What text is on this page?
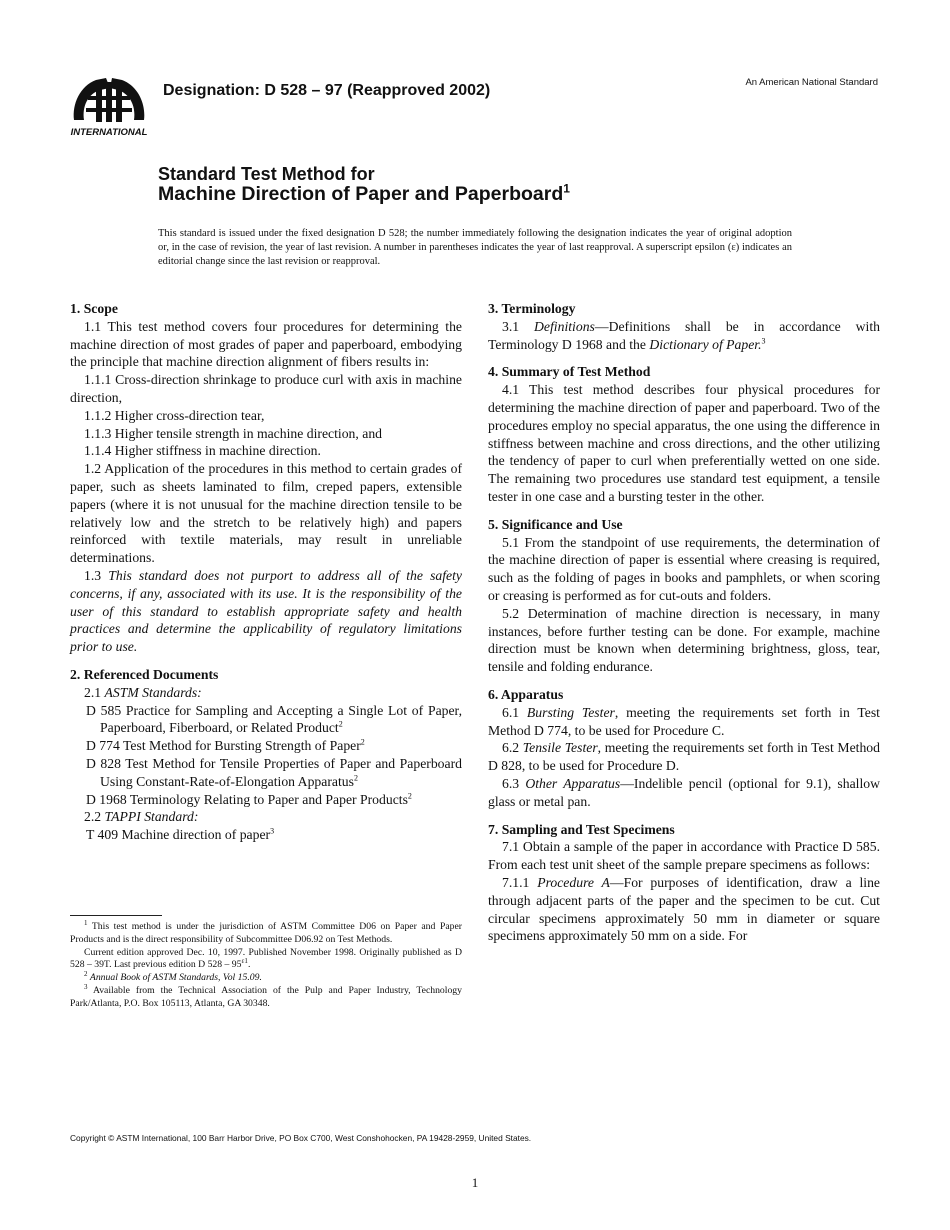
INTERNATIONAL
Designation: D 528 – 97 (Reapproved 2002)	An American National Standard
Standard Test Method for
Machine Direction of Paper and Paperboard$^1$
This standard is issued under the fixed designation D 528; the number immediately following the designation indicates the year of original adoption or, in the case of revision, the year of last revision. A number in parentheses indicates the year of last reapproval. A superscript epsilon (ε) indicates an editorial change since the last revision or reapproval.

1. Scope

1.1 This test method covers four procedures for determining the machine direction of most grades of paper and paperboard, embodying the principle that machine direction alignment of fibers results in:

1.1.1 Cross-direction shrinkage to produce curl with axis in machine direction,

1.1.2 Higher cross-direction tear,

1.1.3 Higher tensile strength in machine direction, and

1.1.4 Higher stiffness in machine direction.

1.2 Application of the procedures in this method to certain grades of paper, such as sheets laminated to film, creped papers, extensible papers (where it is not unusual for the machine direction tensile to be relatively low and the stretch to be relatively high) and papers reinforced with textile materials, may result in unreliable determinations.

1.3 This standard does not purport to address all of the safety concerns, if any, associated with its use. It is the responsibility of the user of this standard to establish appropriate safety and health practices and determine the applicability of regulatory limitations prior to use.

2. Referenced Documents

2.1 ASTM Standards:

D 585 Practice for Sampling and Accepting a Single Lot of Paper, Paperboard, Fiberboard, or Related Product$^2$

D 774 Test Method for Bursting Strength of Paper$^2$

D 828 Test Method for Tensile Properties of Paper and Paperboard Using Constant-Rate-of-Elongation Apparatus$^2$

D 1968 Terminology Relating to Paper and Paper Products$^2$

2.2 TAPPI Standard:

T 409 Machine direction of paper$^3$

$^1$ This test method is under the jurisdiction of ASTM Committee D06 on Paper and Paper Products and is the direct responsibility of Subcommittee D06.92 on Test Methods.

Current edition approved Dec. 10, 1997. Published November 1998. Originally published as D 528 – 39T. Last previous edition D $528 - 95^{\varepsilon 1}$.

$^2$ Annual Book of ASTM Standards, Vol 15.09.

$^3$ Available from the Technical Association of the Pulp and Paper Industry, Technology Park/Atlanta, P.O. Box 105113, Atlanta, GA 30348.

3. Terminology

3.1 Definitions—Definitions shall be in accordance with Terminology D 1968 and the Dictionary of Paper.$^3$

4. Summary of Test Method

4.1 This test method describes four physical procedures for determining the machine direction of paper and paperboard. Two of the procedures employ no special apparatus, the one using the difference in stiffness between machine and cross directions, and the other utilizing the tendency of paper to curl when preferentially wetted on one side. The remaining two procedures use standard test equipment, a tensile tester in one case and a bursting tester in the other.

5. Significance and Use

5.1 From the standpoint of use requirements, the determination of the machine direction of paper is essential where creasing is required, such as the folding of pages in books and pamphlets, or when scoring or creasing is performed as for cut-outs and folders.

5.2 Determination of machine direction is necessary, in many instances, before further testing can be done. For example, machine direction must be known when determining brightness, gloss, tear, tensile and folding endurance.

6. Apparatus

6.1 Bursting Tester, meeting the requirements set forth in Test Method D 774, to be used for Procedure C.

6.2 Tensile Tester, meeting the requirements set forth in Test Method D 828, to be used for Procedure D.

6.3 Other Apparatus—Indelible pencil (optional for 9.1), shallow glass or metal pan.

7. Sampling and Test Specimens

7.1 Obtain a sample of the paper in accordance with Practice D 585. From each test unit sheet of the sample prepare specimens as follows:

7.1.1 Procedure A—For purposes of identification, draw a line through adjacent parts of the paper and the specimen to be cut. Cut circular specimens approximately 50 mm in diameter or square specimens approximately 50 mm on a side. For

Copyright © ASTM International, 100 Barr Harbor Drive, PO Box C700, West Conshohocken, PA 19428-2959, United States.
1
